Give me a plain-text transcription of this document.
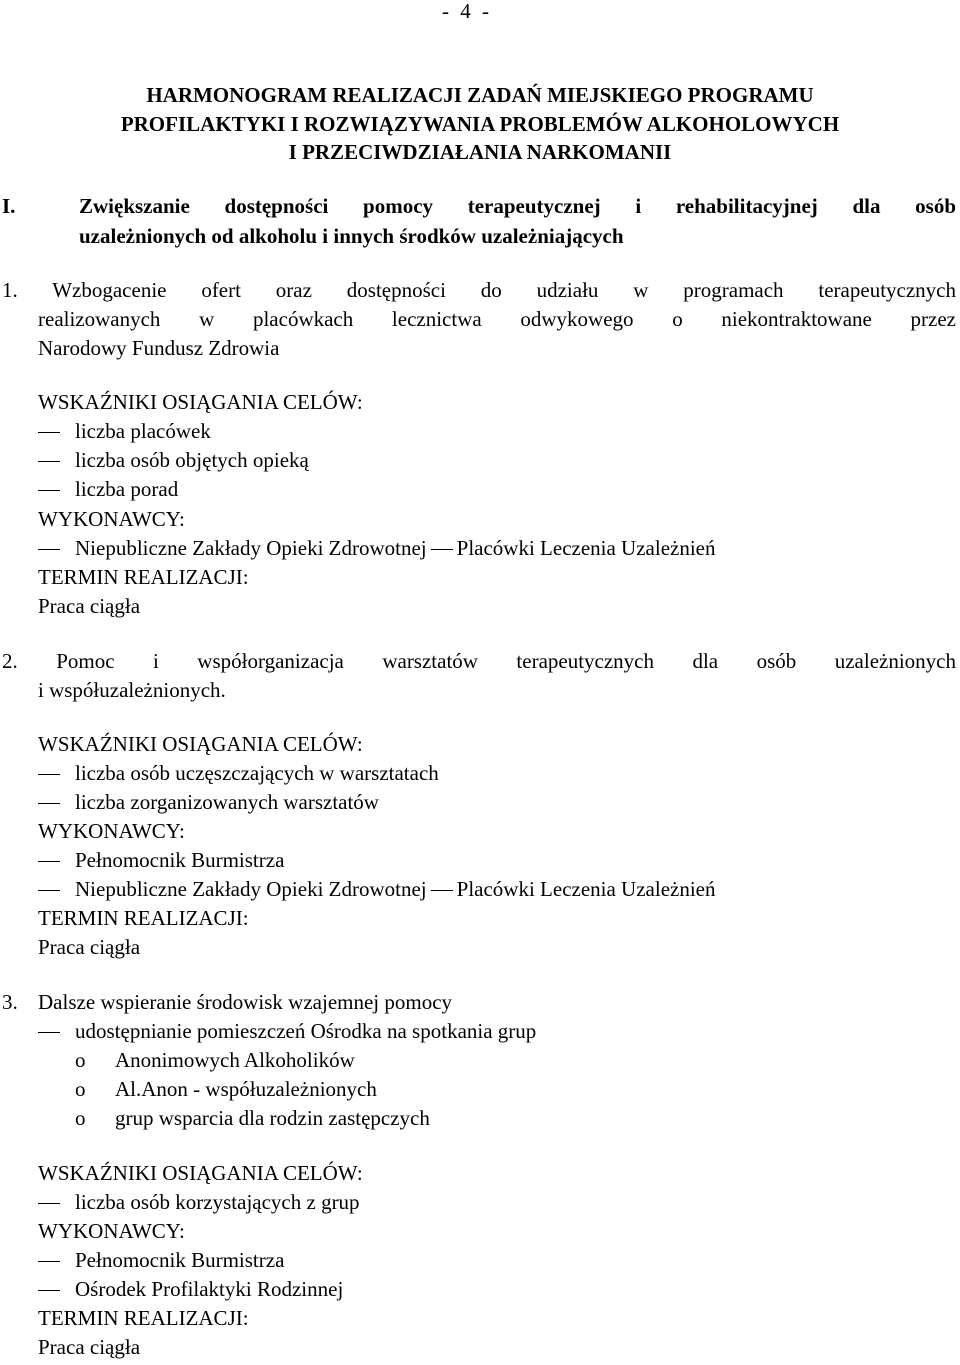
- 4 -
HARMONOGRAM REALIZACJI ZADAŃ MIEJSKIEGO PROGRAMU
PROFILAKTYKI I ROZWIĄZYWANIA PROBLEMÓW ALKOHOLOWYCH
I PRZECIWDZIAŁANIA NARKOMANII
I.	Zwiększanie dostępności pomocy terapeutycznej i rehabilitacyjnej dla osób
uzależnionych od alkoholu i innych środków uzależniających
1. Wzbogacenie ofert oraz dostępności do udziału w programach terapeutycznych
realizowanych w placówkach lecznictwa odwykowego o niekontraktowane przez
Narodowy Fundusz Zdrowia
WSKAŹNIKI OSIĄGANIA CELÓW:
liczba placówek
liczba osób objętych opieką
liczba porad
WYKONAWCY:
Niepubliczne Zakłady Opieki Zdrowotnej Placówki Leczenia Uzależnień
TERMIN REALIZACJI:
Praca ciągła
2. Pomoc i współorganizacja warsztatów terapeutycznych dla osób uzależnionych
i współuzależnionych.
WSKAŹNIKI OSIĄGANIA CELÓW:
liczba osób uczęszczających w warsztatach
liczba zorganizowanych warsztatów
WYKONAWCY:
Pełnomocnik Burmistrza
Niepubliczne Zakłady Opieki Zdrowotnej Placówki Leczenia Uzależnień
TERMIN REALIZACJI:
Praca ciągła
3. Dalsze wspieranie środowisk wzajemnej pomocy
udostępnianie pomieszczeń Ośrodka na spotkania grup
o Anonimowych Alkoholików
o Al.Anon - współuzależnionych
o grup wsparcia dla rodzin zastępczych
WSKAŹNIKI OSIĄGANIA CELÓW:
liczba osób korzystających z grup
WYKONAWCY:
Pełnomocnik Burmistrza
Ośrodek Profilaktyki Rodzinnej
TERMIN REALIZACJI:
Praca ciągła
